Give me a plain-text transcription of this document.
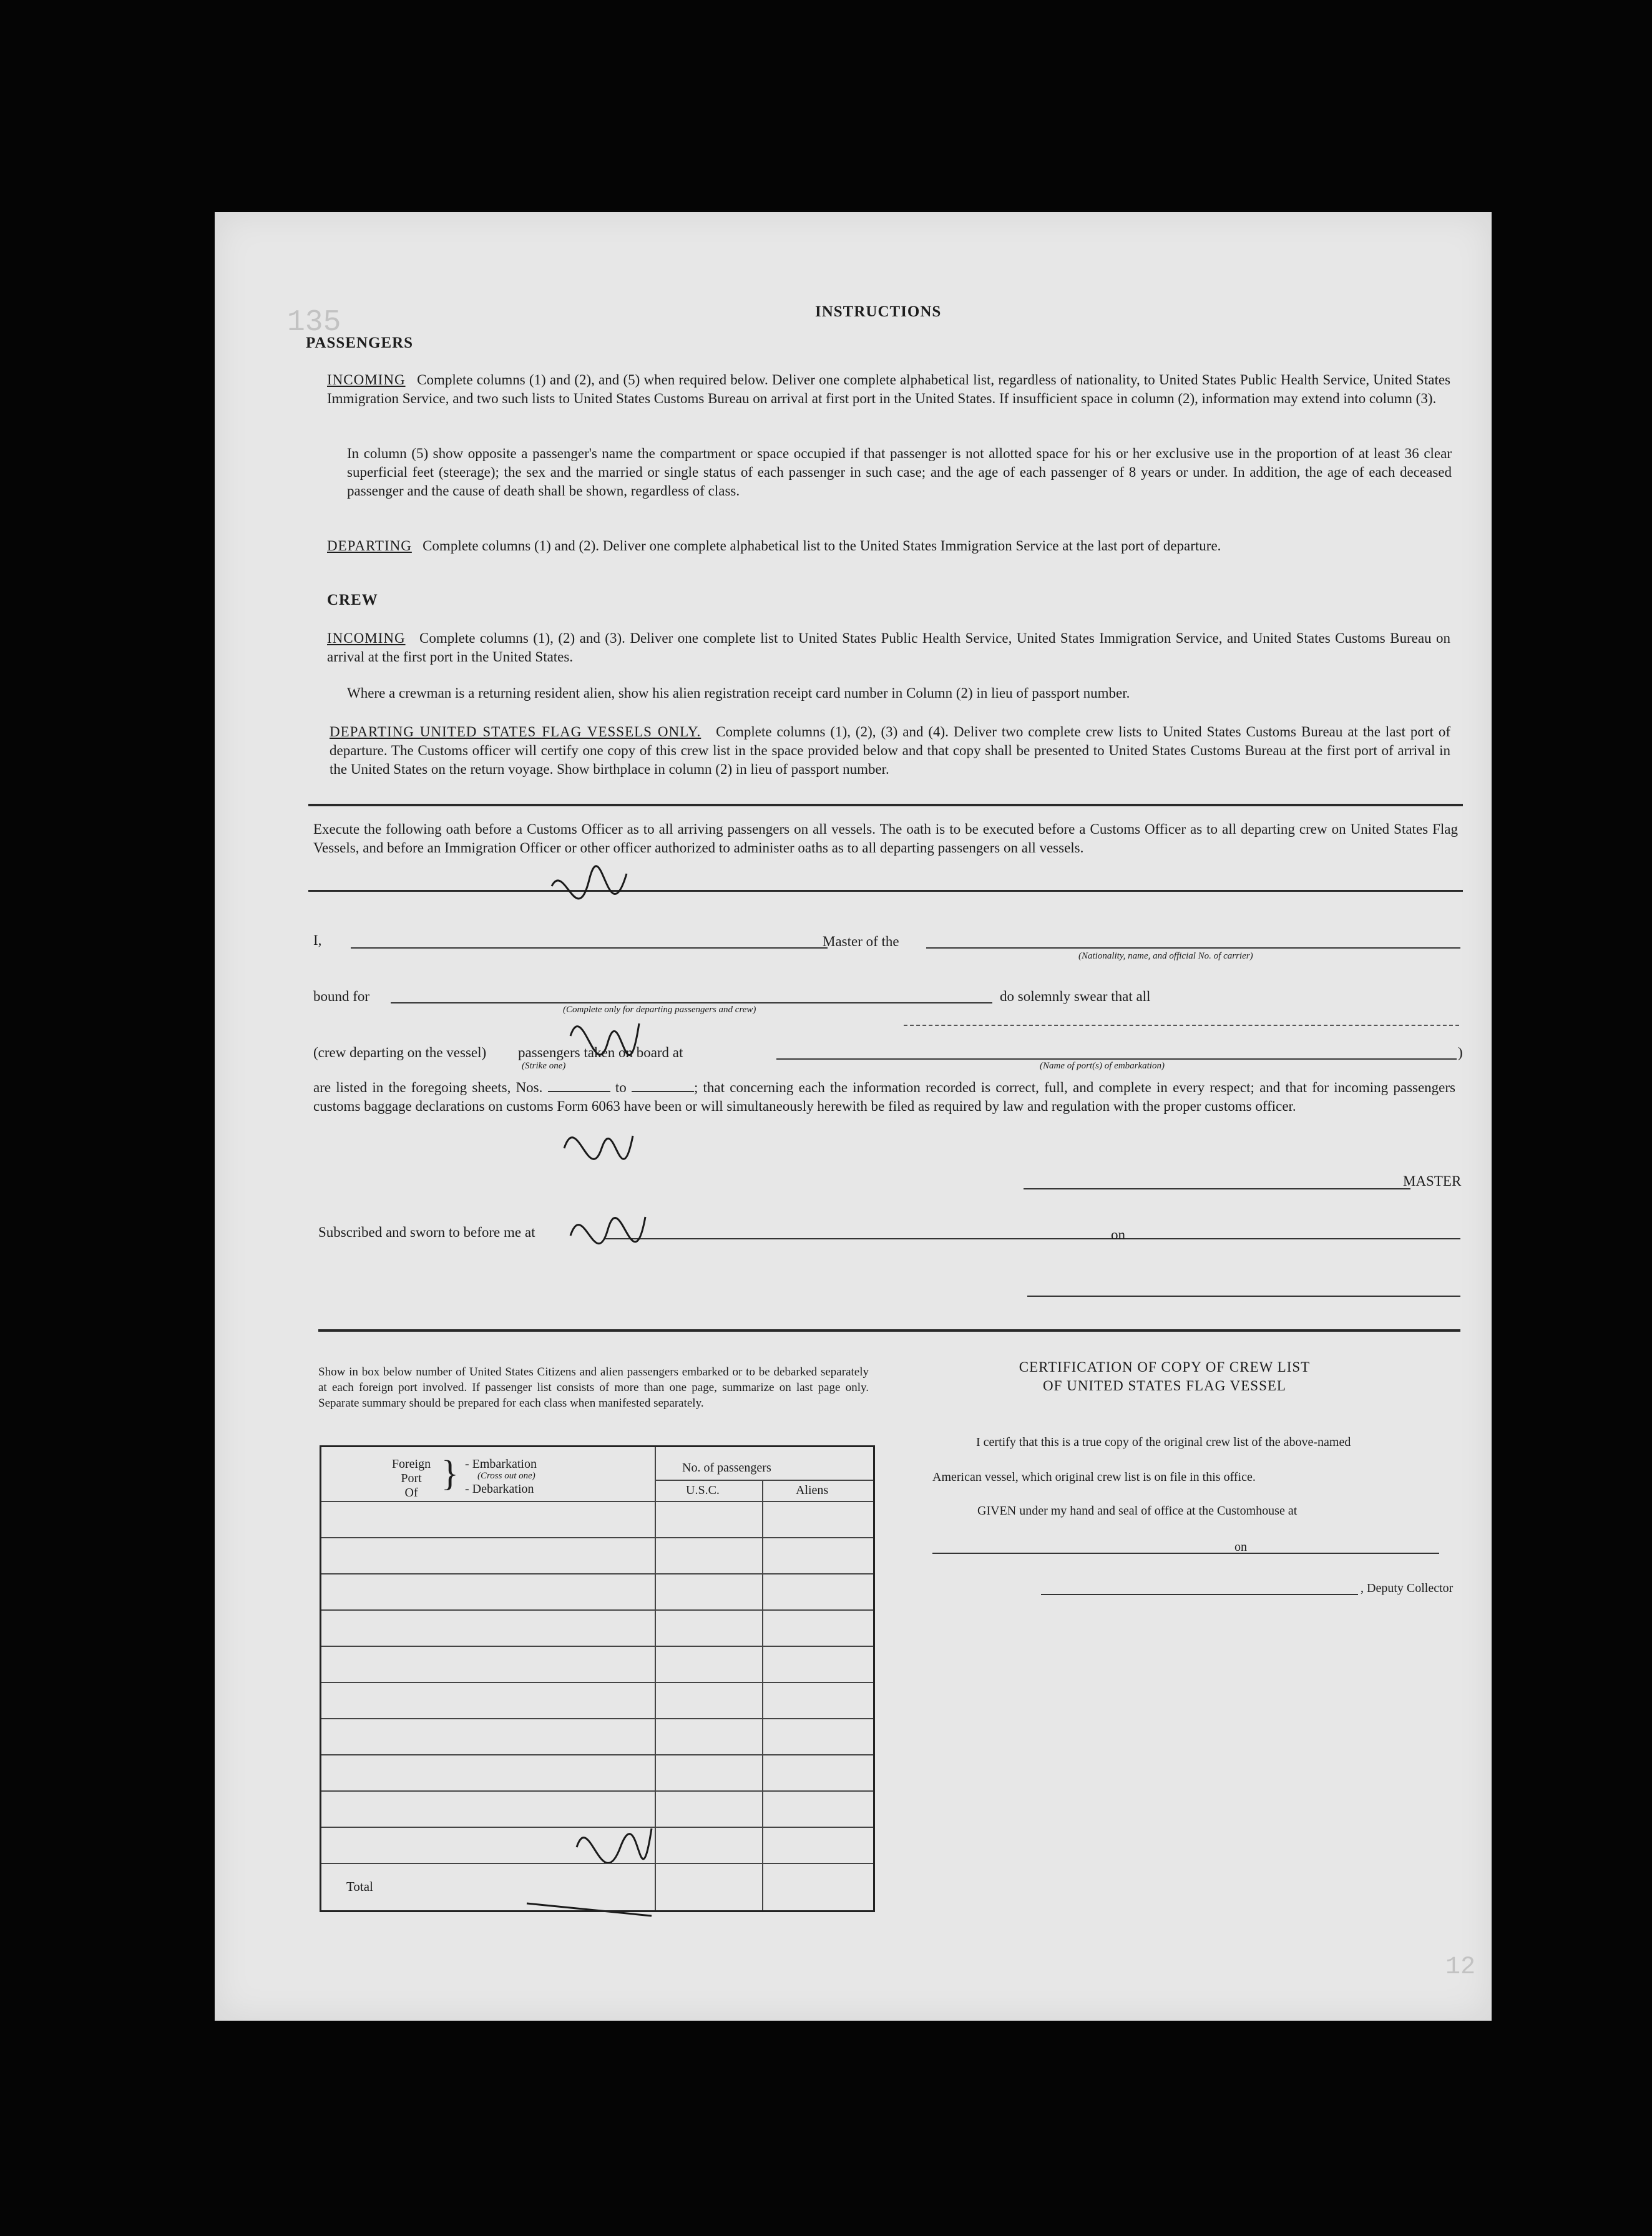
135
12
INSTRUCTIONS
PASSENGERS
INCOMING Complete columns (1) and (2), and (5) when required below. Deliver one complete alphabetical list, regardless of nationality, to United States Public Health Service, United States Immigration Service, and two such lists to United States Customs Bureau on arrival at first port in the United States. If insufficient space in column (2), information may extend into column (3).
In column (5) show opposite a passenger's name the compartment or space occupied if that passenger is not allotted space for his or her exclusive use in the proportion of at least 36 clear superficial feet (steerage); the sex and the married or single status of each passenger in such case; and the age of each passenger of 8 years or under. In addition, the age of each deceased passenger and the cause of death shall be shown, regardless of class.
DEPARTING Complete columns (1) and (2). Deliver one complete alphabetical list to the United States Immigration Service at the last port of departure.
CREW
INCOMING Complete columns (1), (2) and (3). Deliver one complete list to United States Public Health Service, United States Immigration Service, and United States Customs Bureau on arrival at the first port in the United States.
Where a crewman is a returning resident alien, show his alien registration receipt card number in Column (2) in lieu of passport number.
DEPARTING UNITED STATES FLAG VESSELS ONLY. Complete columns (1), (2), (3) and (4). Deliver two complete crew lists to United States Customs Bureau at the last port of departure. The Customs officer will certify one copy of this crew list in the space provided below and that copy shall be presented to United States Customs Bureau at the first port of arrival in the United States on the return voyage. Show birthplace in column (2) in lieu of passport number.
Execute the following oath before a Customs Officer as to all arriving passengers on all vessels. The oath is to be executed before a Customs Officer as to all departing crew on United States Flag Vessels, and before an Immigration Officer or other officer authorized to administer oaths as to all departing passengers on all vessels.
I,	Master of the
(Nationality, name, and official No. of carrier)
bound for
(Complete only for departing passengers and crew)
do solemnly swear that all
(crew departing on the vessel) passengers taken on board at	)
(Strike one)	(Name of port(s) of embarkation)
are listed in the foregoing sheets, Nos.	to	; that concerning each the information recorded is correct, full, and complete in every respect; and that for incoming passengers customs baggage declarations on customs Form 6063 have been or will simultaneously herewith be filed as required by law and regulation with the proper customs officer.
MASTER
Subscribed and sworn to before me at	on
Show in box below number of United States Citizens and alien passengers embarked or to be debarked separately at each foreign port involved. If passenger list consists of more than one page, summarize on last page only. Separate summary should be prepared for each class when manifested separately.
Foreign
Port
Of } - Embarkation
(Cross out one)
- Debarkation
No. of passengers
U.S.C.	Aliens
Total
CERTIFICATION OF COPY OF CREW LIST
OF UNITED STATES FLAG VESSEL
I certify that this is a true copy of the original crew list of the above-named
American vessel, which original crew list is on file in this office.
GIVEN under my hand and seal of office at the Customhouse at
on
, Deputy Collector
